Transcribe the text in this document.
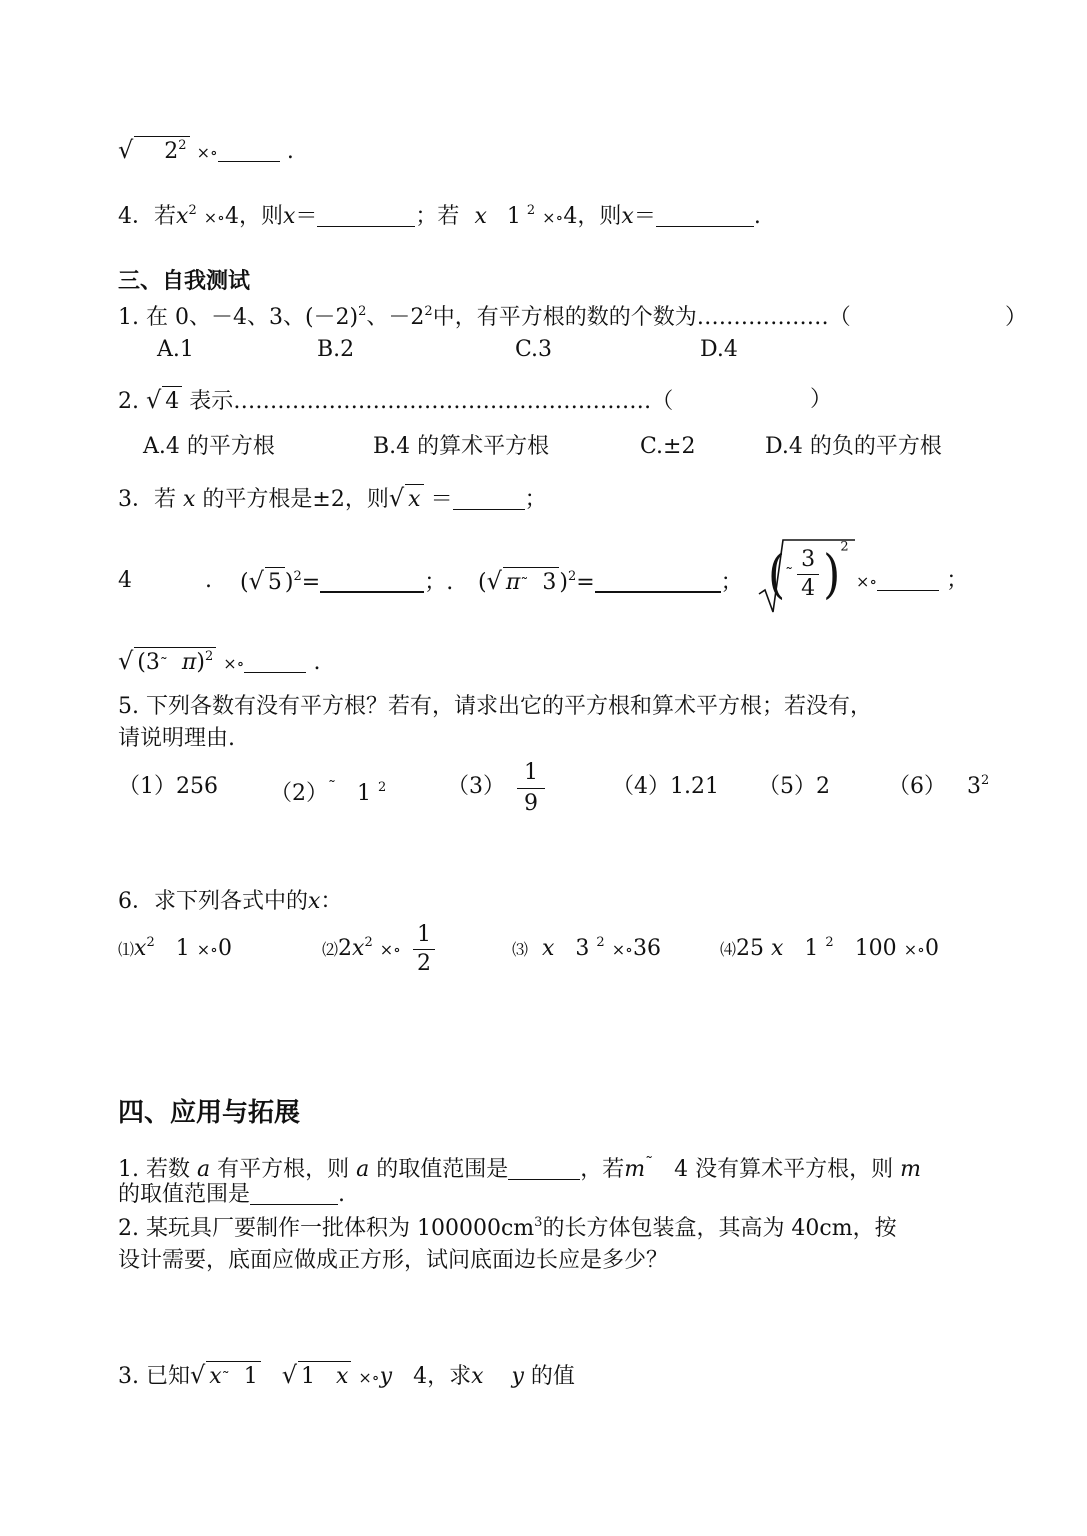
√ $2^2$ ×∘	.
4．若$x^2$ ×∘4，则x＝	；若 x 1 $^2$ ×∘4，则x＝	.
三、自我测试
1. 在 0、－4、3、$(-2)^2$、$-2^2$中，有平方根的数的个数为………………（	）
A.1	B.2	C.3	D.4
2. √ 4 表示…………………………………………………（	）
A.4 的平方根	B.4 的算术平方根	C.±2	D.4 的负的平方根
3．若 x 的平方根是±2，则√ x ＝	；
4	. (√ 5 )$^2$=	；. (√ π˜ 3 )$^2$=	； $(^˜ \frac{3}{4} )^2$
×∘	；
√ (3˜ π)$^2$ ×∘	.
5. 下列各数有没有平方根？若有，请求出它的平方根和算术平方根；若没有，
请说明理由.
（1）256 （2）˜ 1 $^2$	$(3) \frac{1}{9}$	（4）1.21 （5）2	（6） $3^2$
6．求下列各式中的x：
$⑴x^2$ 1 ×∘0	$⑵2x^2$ ×∘ $\frac{1}{2}$	⑶ x 3 $^2$ ×∘36	⑷25 x 1 $^2$ 100 ×∘0
四、应用与拓展
1. 若数 a 有平方根，则 a 的取值范围是	，若m˜ 4 没有算术平方根，则 m
的取值范围是	.
2. 某玩具厂要制作一批体积为 $100000cm^3$的长方体包装盒，其高为 40cm，按
设计需要，底面应做成正方形，试问底面边长应是多少？
3. 已知√ x˜ 1 √ 1 x ×∘y 4，求x y 的值
